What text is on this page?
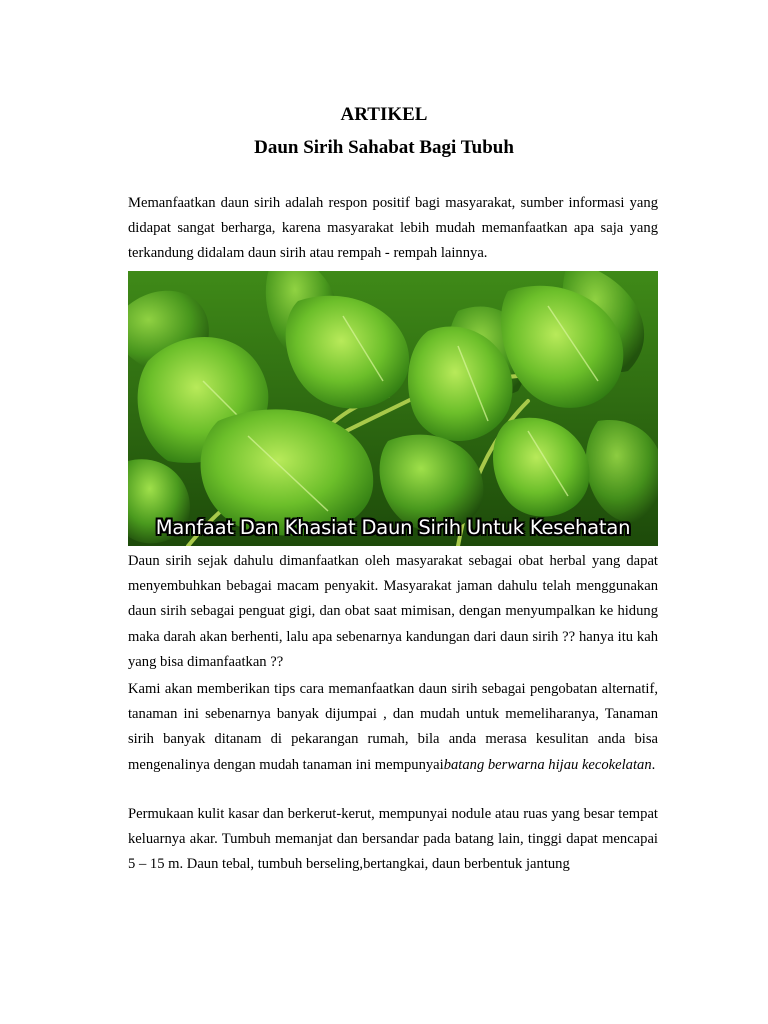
ARTIKEL
Daun Sirih Sahabat Bagi Tubuh

Memanfaatkan daun sirih adalah respon positif bagi masyarakat, sumber informasi yang didapat sangat berharga, karena masyarakat lebih mudah memanfaatkan apa saja yang terkandung didalam daun sirih atau rempah - rempah lainnya.

Manfaat Dan Khasiat Daun Sirih Untuk Kesehatan

Daun sirih sejak dahulu dimanfaatkan oleh masyarakat sebagai obat herbal yang dapat menyembuhkan bebagai macam penyakit. Masyarakat jaman dahulu telah menggunakan daun sirih sebagai penguat gigi, dan obat saat mimisan, dengan menyumpalkan ke hidung maka darah akan berhenti, lalu apa sebenarnya kandungan dari daun sirih ?? hanya itu kah yang bisa dimanfaatkan ??

Kami akan memberikan tips cara memanfaatkan daun sirih sebagai pengobatan alternatif, tanaman ini sebenarnya banyak dijumpai , dan mudah untuk memeliharanya, Tanaman sirih banyak ditanam di pekarangan rumah, bila anda merasa kesulitan anda bisa mengenalinya dengan mudah tanaman ini mempunyaibatang berwarna hijau kecokelatan.

Permukaan kulit kasar dan berkerut-kerut, mempunyai nodule atau ruas yang besar tempat keluarnya akar. Tumbuh memanjat dan bersandar pada batang lain, tinggi dapat mencapai 5 – 15 m. Daun tebal, tumbuh berseling,bertangkai, daun berbentuk jantung
